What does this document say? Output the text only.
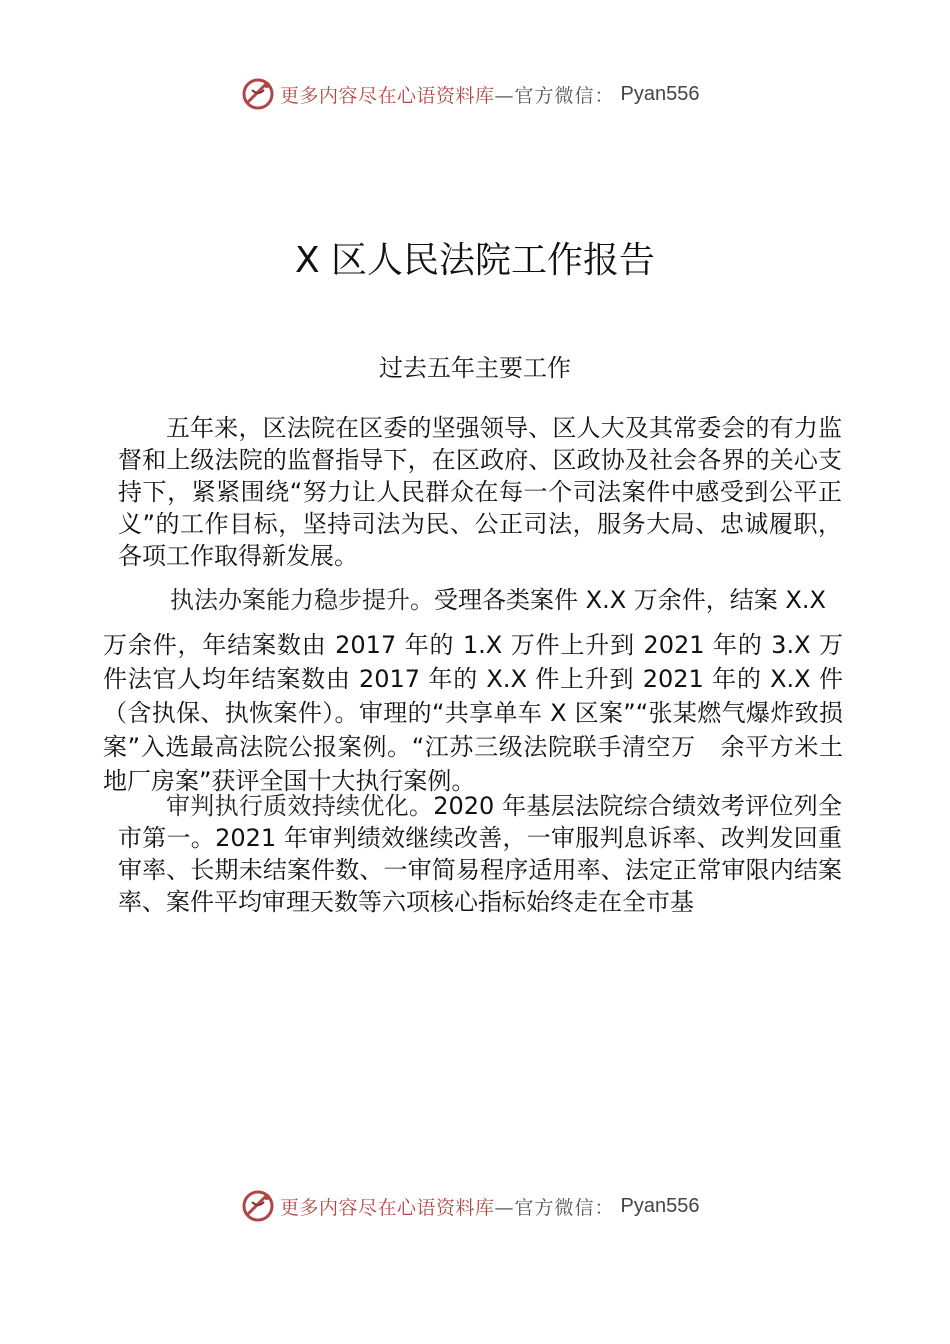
更多内容尽在心语资料库 —官方微信： Pyan556
X 区人民法院工作报告
过去五年主要工作

五年来，区法院在区委的坚强领导、区人大及其常委会的有力监督和上级法院的监督指导下，在区政府、区政协及社会各界的关心支持下，紧紧围绕“努力让人民群众在每一个司法案件中感受到公平正义”的工作目标，坚持司法为民、公正司法，服务大局、忠诚履职，各项工作取得新发展。

执法办案能力稳步提升。受理各类案件 X.X 万余件，结案 X.X

万余件，年结案数由 2017 年的 1.X 万件上升到 2021 年的 3.X 万件法官人均年结案数由 2017 年的 X.X 件上升到 2021 年的 X.X 件（含执保、执恢案件）。审理的“共享单车 X 区案”“张某燃气爆炸致损案”入选最高法院公报案例。“江苏三级法院联手清空万　余平方米土地厂房案”获评全国十大执行案例。

审判执行质效持续优化。2020 年基层法院综合绩效考评位列全市第一。2021 年审判绩效继续改善，一审服判息诉率、改判发回重审率、长期未结案件数、一审简易程序适用率、法定正常审限内结案率、案件平均审理天数等六项核心指标始终走在全市基

更多内容尽在心语资料库 —官方微信： Pyan556
